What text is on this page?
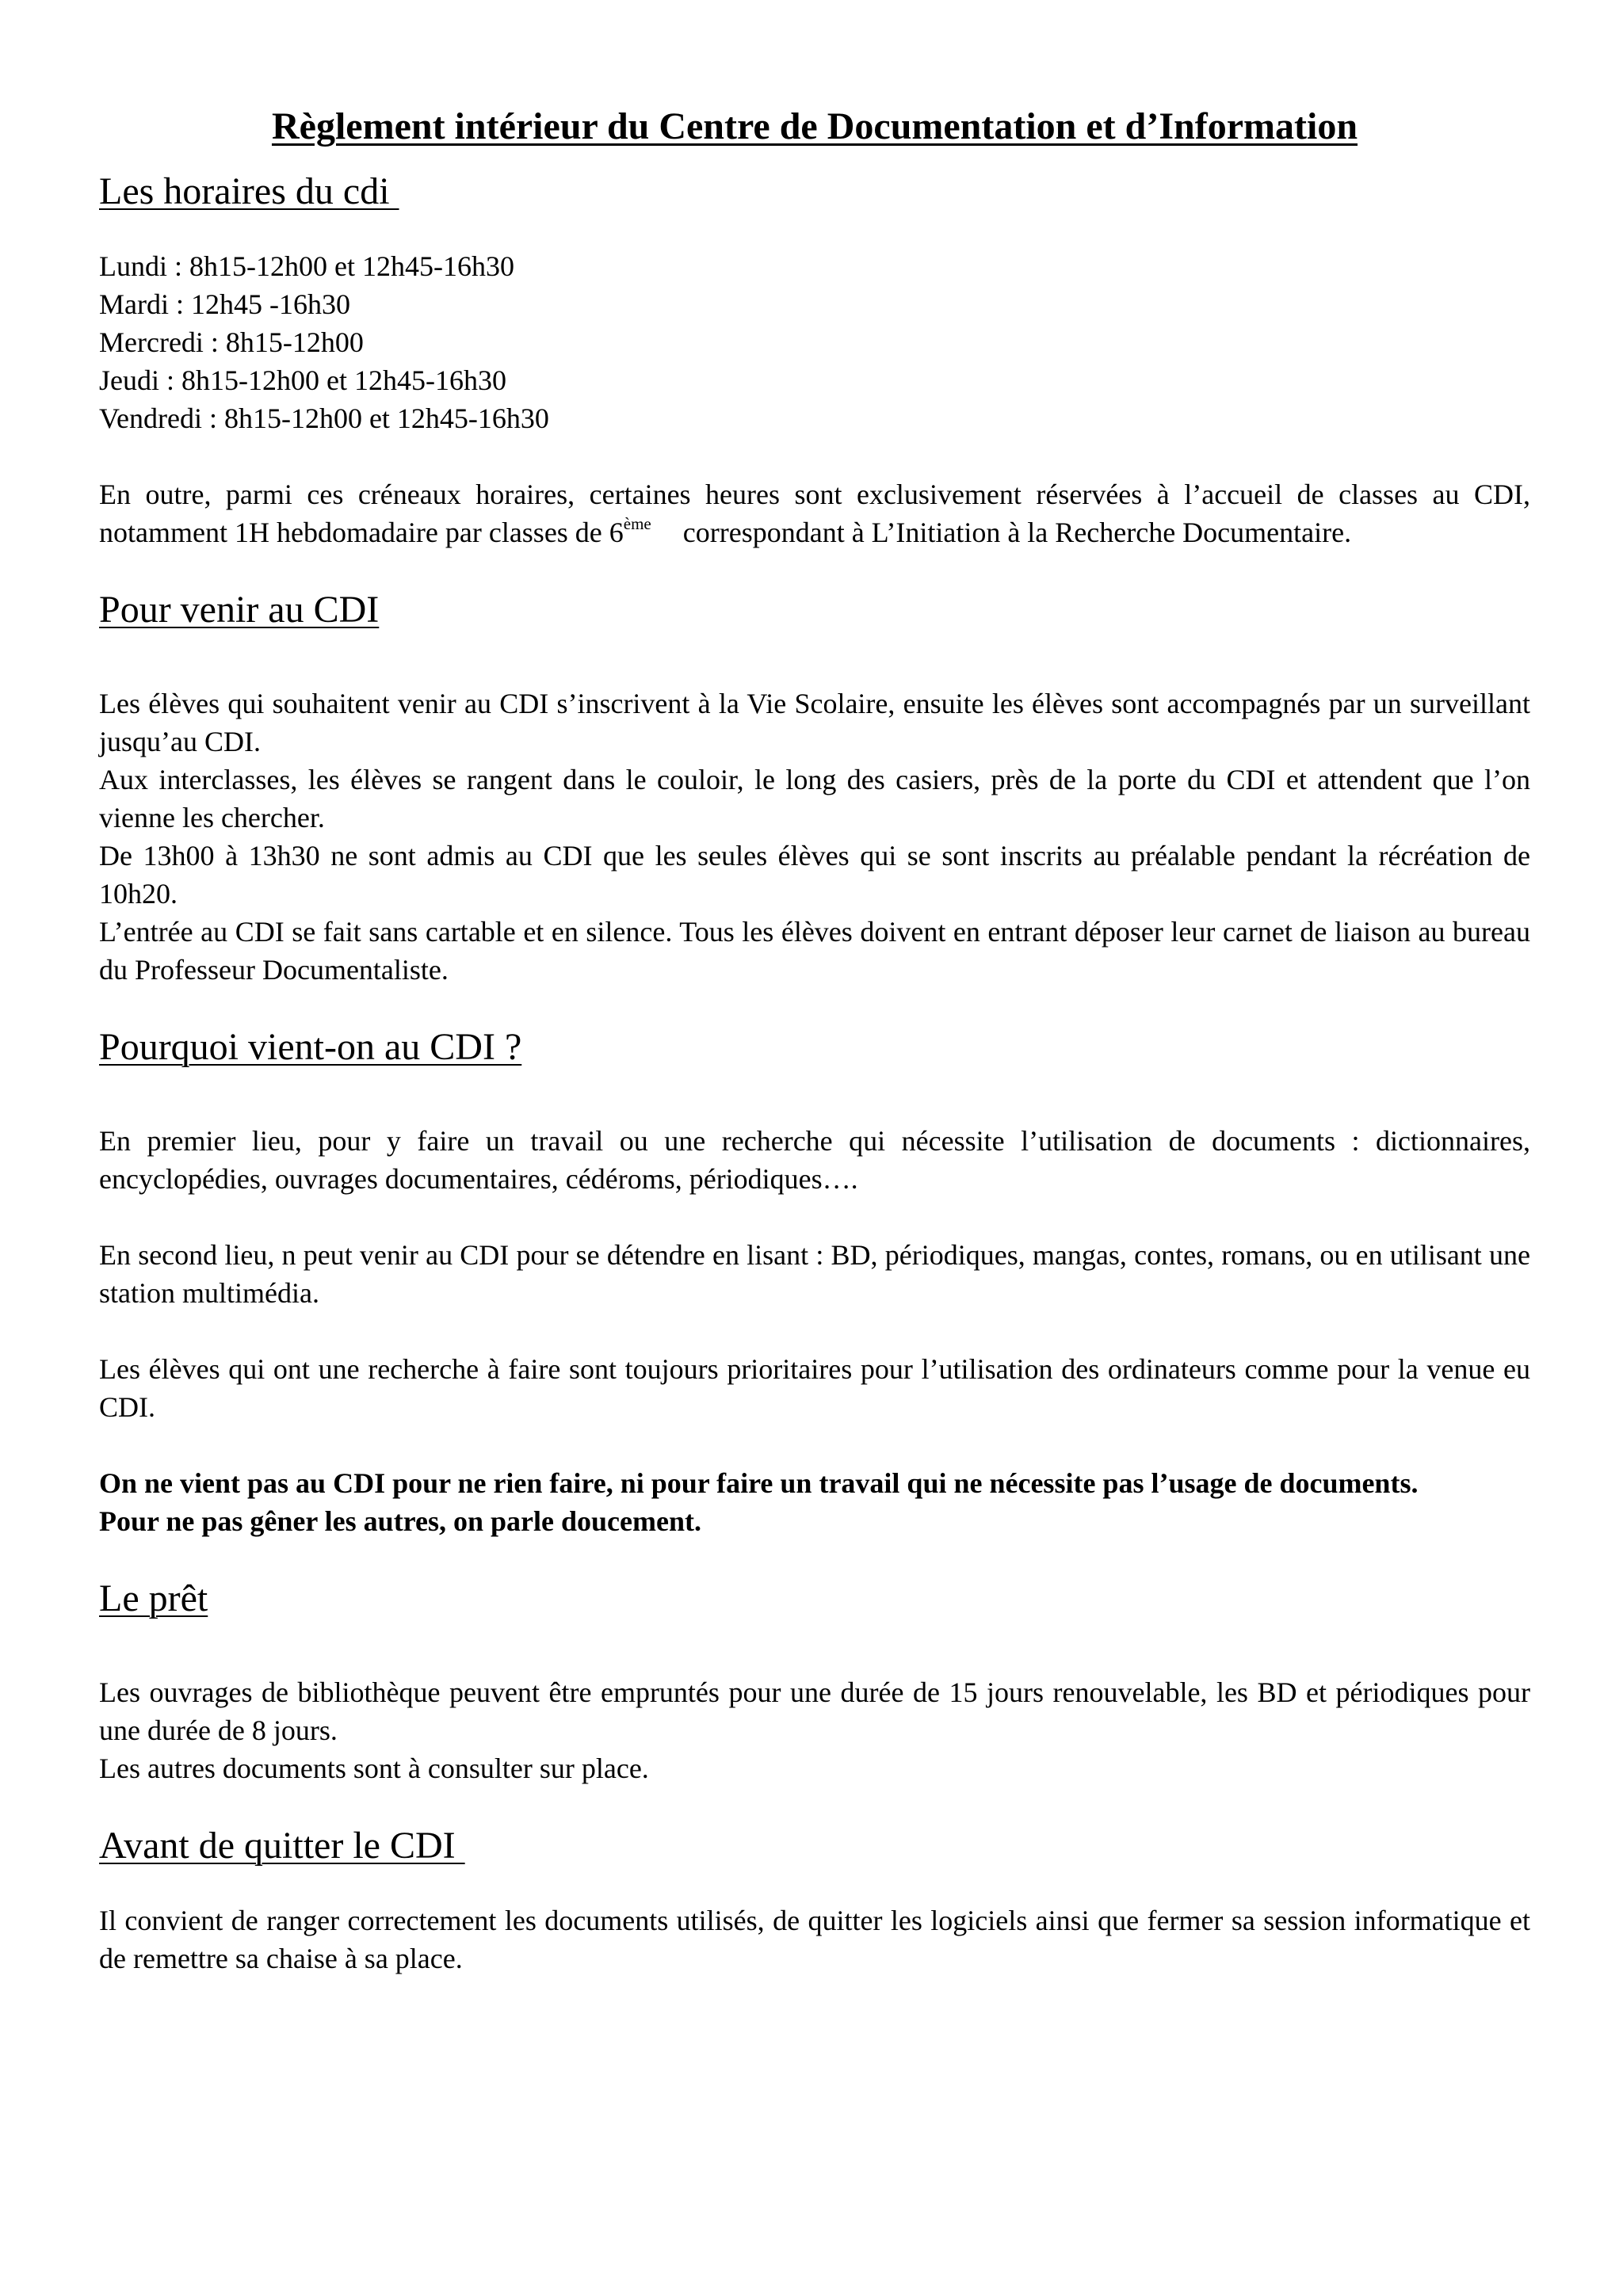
Règlement intérieur du Centre de Documentation et d’Information
Les horaires du cdi

Lundi : 8h15-12h00 et 12h45-16h30

Mardi : 12h45 -16h30

Mercredi : 8h15-12h00

Jeudi : 8h15-12h00 et 12h45-16h30

Vendredi : 8h15-12h00 et 12h45-16h30

En outre, parmi ces créneaux horaires, certaines heures sont exclusivement réservées à l’accueil de classes au CDI, notamment 1H hebdomadaire par classes de 6ème correspondant à L’Initiation à la Recherche Documentaire.

Pour venir au CDI

Les élèves qui souhaitent venir au CDI s’inscrivent à la Vie Scolaire, ensuite les élèves sont accompagnés par un surveillant jusqu’au CDI.

Aux interclasses, les élèves se rangent dans le couloir, le long des casiers, près de la porte du CDI et attendent que l’on vienne les chercher.

De 13h00 à 13h30 ne sont admis au CDI que les seules élèves qui se sont inscrits au préalable pendant la récréation de 10h20.

L’entrée au CDI se fait sans cartable et en silence. Tous les élèves doivent en entrant déposer leur carnet de liaison au bureau du Professeur Documentaliste.

Pourquoi vient-on au CDI ?

En premier lieu, pour y faire un travail ou une recherche qui nécessite l’utilisation de documents : dictionnaires, encyclopédies, ouvrages documentaires, cédéroms, périodiques….

En second lieu, n peut venir au CDI pour se détendre en lisant : BD, périodiques, mangas, contes, romans, ou en utilisant une station multimédia.

Les élèves qui ont une recherche à faire sont toujours prioritaires pour l’utilisation des ordinateurs comme pour la venue eu CDI.

On ne vient pas au CDI pour ne rien faire, ni pour faire un travail qui ne nécessite pas l’usage de documents.

Pour ne pas gêner les autres, on parle doucement.

Le prêt

Les ouvrages de bibliothèque peuvent être empruntés pour une durée de 15 jours renouvelable, les BD et périodiques pour une durée de 8 jours.

Les autres documents sont à consulter sur place.

Avant de quitter le CDI

Il convient de ranger correctement les documents utilisés, de quitter les logiciels ainsi que fermer sa session informatique et de remettre sa chaise à sa place.
